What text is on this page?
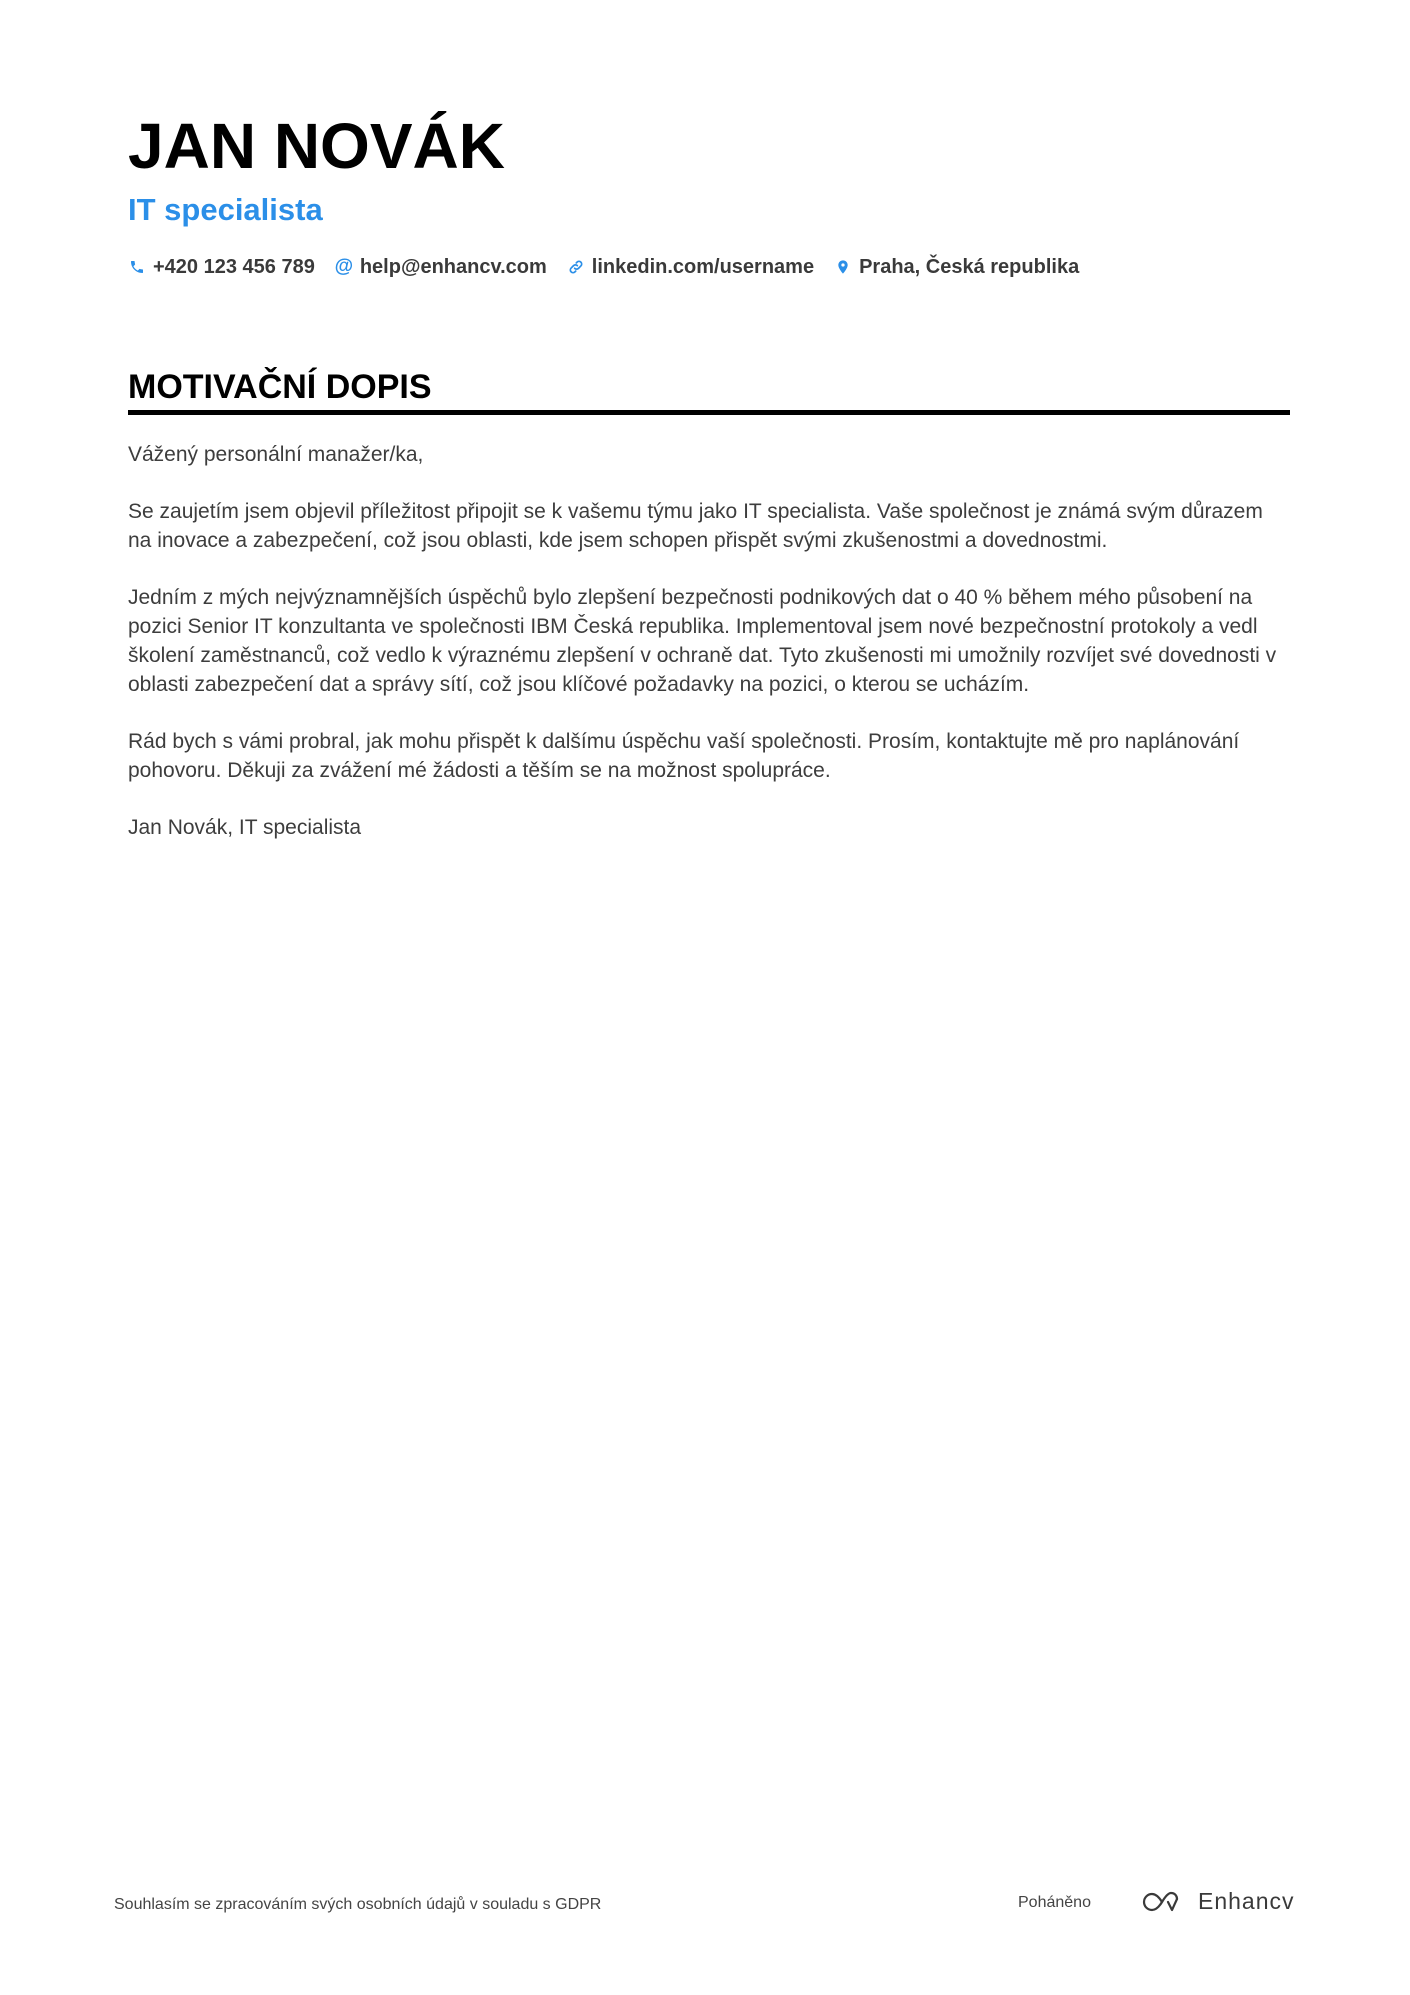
JAN NOVÁK
IT specialista
+420 123 456 789 @ help@enhancv.com linkedin.com/username Praha, Česká republika
MOTIVAČNÍ DOPIS

Vážený personální manažer/ka,

Se zaujetím jsem objevil příležitost připojit se k vašemu týmu jako IT specialista. Vaše společnost je známá svým důrazem na inovace a zabezpečení, což jsou oblasti, kde jsem schopen přispět svými zkušenostmi a dovednostmi.

Jedním z mých nejvýznamnějších úspěchů bylo zlepšení bezpečnosti podnikových dat o 40 % během mého působení na pozici Senior IT konzultanta ve společnosti IBM Česká republika. Implementoval jsem nové bezpečnostní protokoly a vedl školení zaměstnanců, což vedlo k výraznému zlepšení v ochraně dat. Tyto zkušenosti mi umožnily rozvíjet své dovednosti v oblasti zabezpečení dat a správy sítí, což jsou klíčové požadavky na pozici, o kterou se ucházím.

Rád bych s vámi probral, jak mohu přispět k dalšímu úspěchu vaší společnosti. Prosím, kontaktujte mě pro naplánování pohovoru. Děkuji za zvážení mé žádosti a těším se na možnost spolupráce.

Jan Novák, IT specialista

Souhlasím se zpracováním svých osobních údajů v souladu s GDPR	Poháněno	Enhancv
